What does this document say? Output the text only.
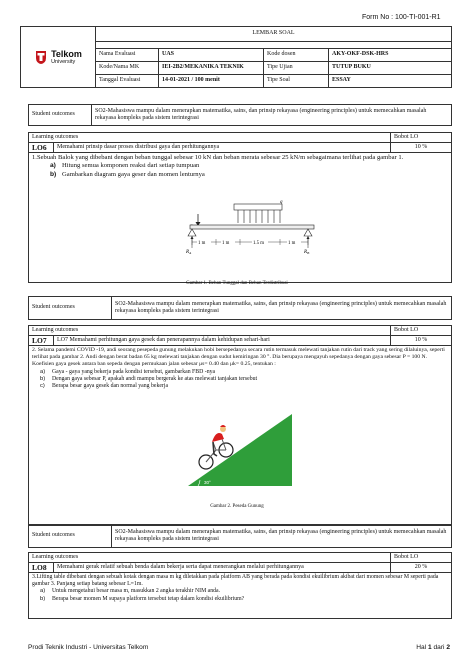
Form No : 100-TI-001-R1
Telkom
University	LEMBAR SOAL			

	Nama Evaluasi	UAS	Kode dosen	AKY-OKF-DSK-HRS
	Kode/Nama MK	IEI-2B2/MEKANIKA TEKNIK	Tipe Ujian	TUTUP BUKU
	Tanggal Evaluasi	14-01-2021 / 100 menit	Tipe Soal	ESSAY
Student outcomes	SO2-Mahasiswa mampu dalam menerapkan matematika, sains, dan prinsip rekayasa (engineering principles) untuk memecahkan masalah rekayasa kompleks pada sistem terintegrasi
Learning outcomes		Bobot LO
LO6	Memahami prinsip dasar proses distribusi gaya dan perhitungannya	10 %

1.Sebuah Balok yang dibebani dengan beban tunggal sebesar 10 kN dan beban merata sebesar 25 kN/m sebagaimana terlihat pada gambar 1.
a) Hitung semua komponen reaksi dari setiap tumpuan
b) Gambarkan diagram gaya geser dan momen lenturnya		
q
1 m	1 m	1.5 m	1 m
$R_A$	$R_B$
Gambar 1. Beban Tunggal dan Beban Terdistribusi
Student outcomes	SO2-Mahasiswa mampu dalam menerapkan matematika, sains, dan prinsip rekayasa (engineering principles) untuk memecahkan masalah rekayasa kompleks pada sistem terintegrasi
Learning outcomes		Bobot LO
LO7	LO7 Memahami perhitungan gaya gesek dan penerapannya dalam kehidupan sehari-hari	10 %

2. Selama pandemi COVID -19, andi seorang pesepeda gunung melakukan hobi bersepedanya secara rutin termasuk melewati tanjakan rutin dari track yang sering dilaluinya, seperti terlihat pada gambar 2. Andi dengan berat badan 65 kg melewati tanjakan dengan sudut kemiringan 30 °. Dia berupaya mengayuh sepedanya dengan gaya sebesar P = 100 N. Koefisien gaya gesek antara ban sepeda dengan permukaan jalan sebesar μs= 0.40 dan μk= 0.25, tentukan :
a) Gaya - gaya yang bekerja pada kondisi tersebut, gambarkan FBD -nya
b) Dengan gaya sebesar P, apakah andi mampu bergerak ke atas melewati tanjakan tersebut
c) Berapa besar gaya gesek dan normal yang bekerja		
30°
Gambar 2. Peseda Gunung
Student outcomes	SO2-Mahasiswa mampu dalam menerapkan matematika, sains, dan prinsip rekayasa (engineering principles) untuk memecahkan masalah rekayasa kompleks pada sistem terintegrasi
Learning outcomes		Bobot LO
LO8	Memahami gerak relatif sebuah benda dalam bekerja serta dapat menerangkan melalui perhitungannya	20 %

3.Lifting table dibebani dengan sebuah kotak dengan masa m kg diletakkan pada platform AB yang berada pada kondisi ekuilibrium akibat dari momen sebesar M seperti pada gambar 3. Panjang setiap batang sebesar L=1m.
a) Untuk mengetahui besar masa m, masukkan 2 angka terakhir NIM anda.
b) Berapa besar momen M supaya platform tersebut tetap dalam kondisi ekuilibrium?		
Prodi Teknik Industri - Universitas Telkom	Hal 1 dari 2
